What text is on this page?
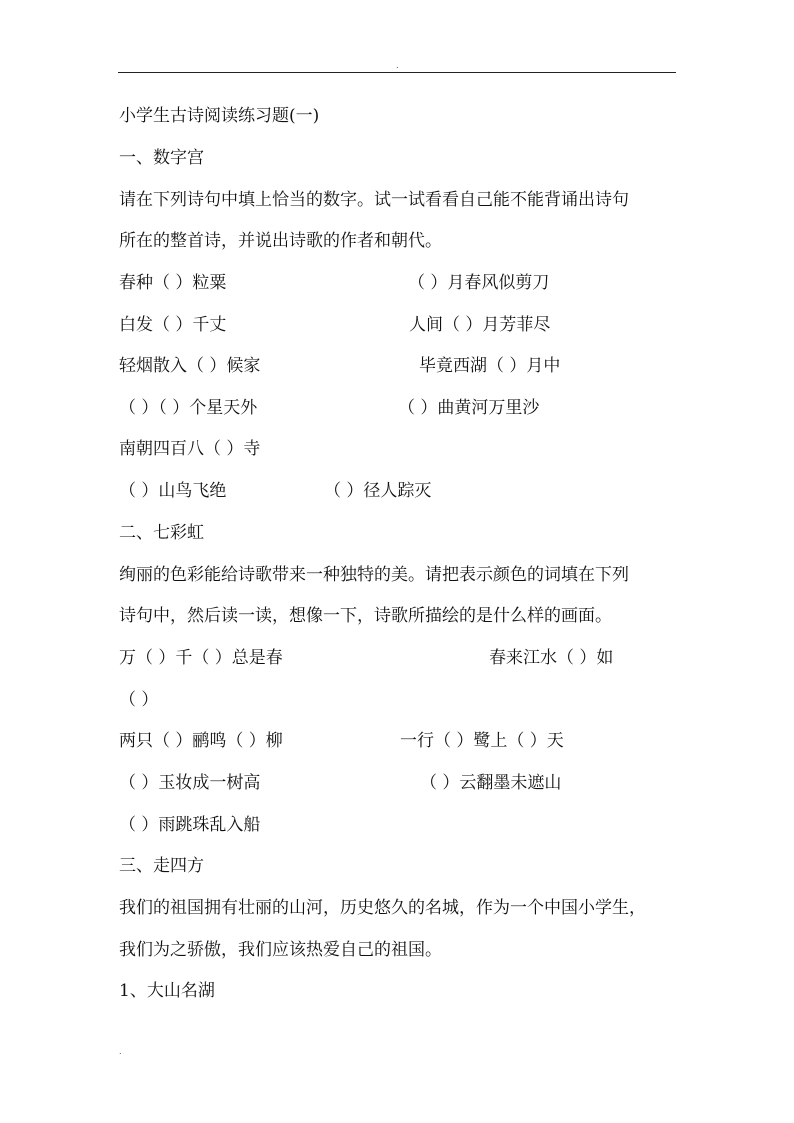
.
小学生古诗阅读练习题(一)
一、数字宫
请在下列诗句中填上恰当的数字。试一试看看自己能不能背诵出诗句
所在的整首诗，并说出诗歌的作者和朝代。
春种（ ）粒粟	（ ）月春风似剪刀
白发（ ）千丈	人间（ ）月芳菲尽
轻烟散入（ ）候家	毕竟西湖（ ）月中
（ ）（ ）个星天外	（ ）曲黄河万里沙
南朝四百八（ ）寺
（ ）山鸟飞绝	（ ）径人踪灭
二、七彩虹
绚丽的色彩能给诗歌带来一种独特的美。请把表示颜色的词填在下列
诗句中，然后读一读，想像一下，诗歌所描绘的是什么样的画面。
万（ ）千（ ）总是春	春来江水（ ）如
（ ）
两只（ ）鹂鸣（ ）柳	一行（ ）鹭上（ ）天
（ ）玉妆成一树高	（ ）云翻墨未遮山
（ ）雨跳珠乱入船
三、走四方
我们的祖国拥有壮丽的山河，历史悠久的名城，作为一个中国小学生，
我们为之骄傲，我们应该热爱自己的祖国。
1、大山名湖
.
